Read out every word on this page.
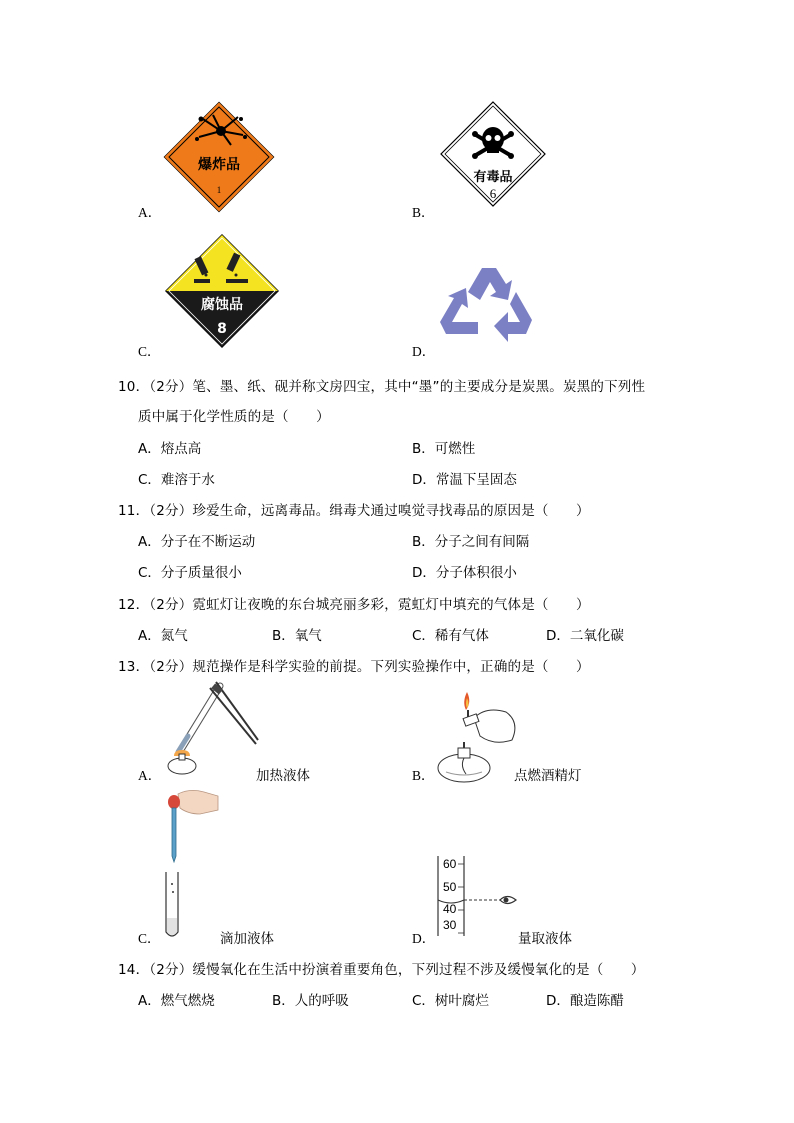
A．
爆炸品
1
B．
有毒品
6
C．
腐蚀品
8
D．
10．（2分）笔、墨、纸、砚并称文房四宝，其中“墨”的主要成分是炭黑。炭黑的下列性
质中属于化学性质的是（　　）
A．熔点高	B．可燃性
C．难溶于水	D．常温下呈固态
11．（2分）珍爱生命，远离毒品。缉毒犬通过嗅觉寻找毒品的原因是（　　）
A．分子在不断运动	B．分子之间有间隔
C．分子质量很小	D．分子体积很小
12．（2分）霓虹灯让夜晚的东台城亮丽多彩，霓虹灯中填充的气体是（　　）
A．氮气	B．氧气	C．稀有气体	D．二氧化碳
13．（2分）规范操作是科学实验的前提。下列实验操作中，正确的是（　　）
A．	加热液体	B．	点燃酒精灯
C．	滴加液体	D．
60
50
40
30
量取液体
14．（2分）缓慢氧化在生活中扮演着重要角色，下列过程不涉及缓慢氧化的是（　　）
A．燃气燃烧	B．人的呼吸	C．树叶腐烂	D．酿造陈醋
